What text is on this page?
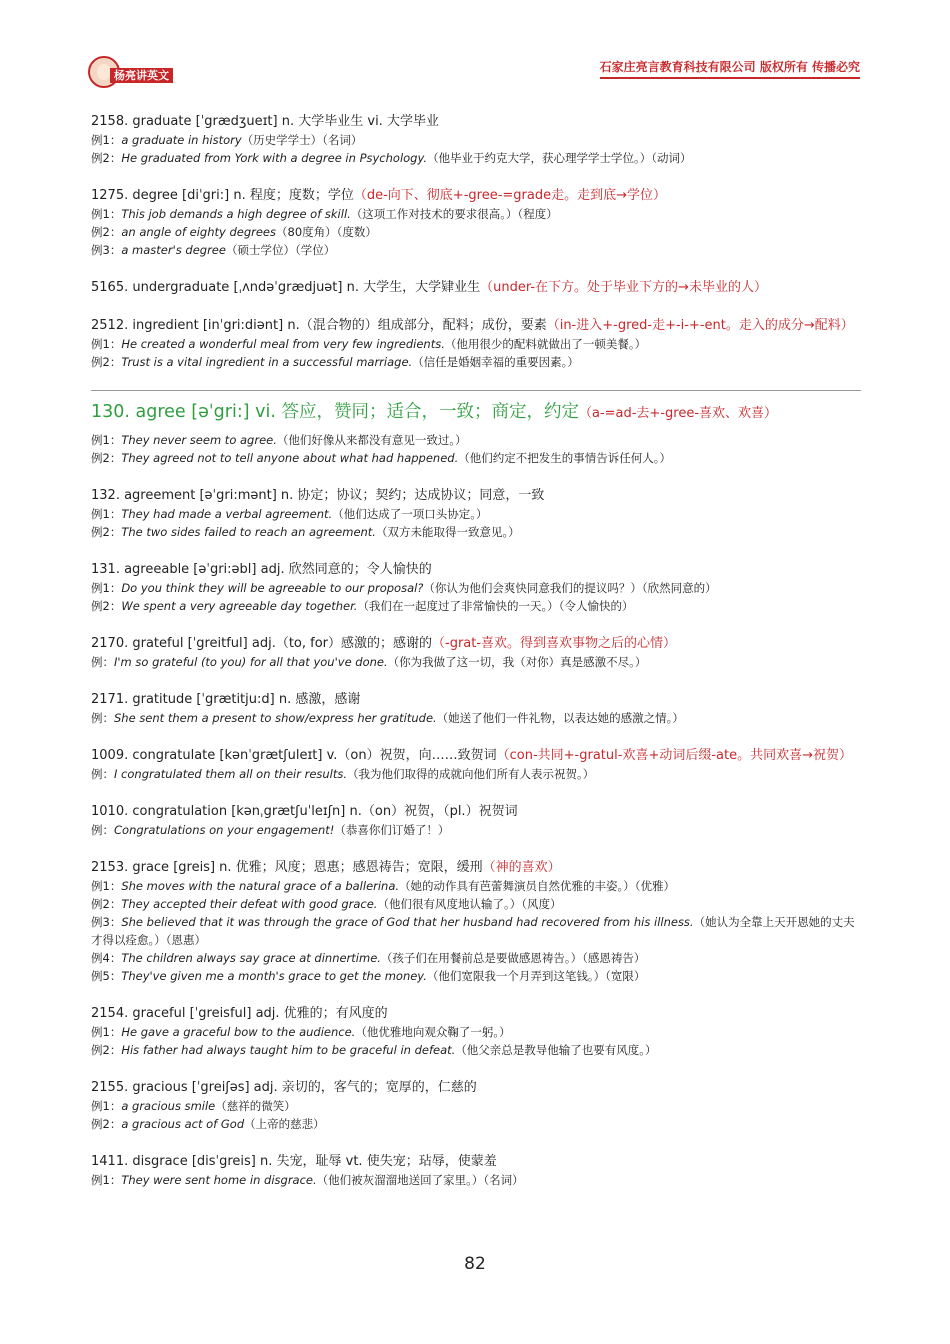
杨亮讲英文
石家庄亮言教育科技有限公司 版权所有 传播必究
2158. graduate [ˈgrædʒueɪt] n. 大学毕业生 vi. 大学毕业
例1：a graduate in history（历史学学士）（名词）
例2：He graduated from York with a degree in Psychology.（他毕业于约克大学，获心理学学士学位。）（动词）
1275. degree [diˈgri:] n. 程度；度数；学位（de-向下、彻底+-gree-=grade走。走到底→学位）
例1：This job demands a high degree of skill.（这项工作对技术的要求很高。）（程度）
例2：an angle of eighty degrees（80度角）（度数）
例3：a master's degree（硕士学位）（学位）
5165. undergraduate [ˌʌndəˈgrædjuət] n. 大学生，大学肄业生（under-在下方。处于毕业下方的→未毕业的人）
2512. ingredient [inˈgri:diənt] n.（混合物的）组成部分，配料；成份，要素（in-进入+-gred-走+-i-+-ent。走入的成分→配料）
例1：He created a wonderful meal from very few ingredients.（他用很少的配料就做出了一顿美餐。）
例2：Trust is a vital ingredient in a successful marriage.（信任是婚姻幸福的重要因素。）
130. agree [əˈgri:] vi. 答应，赞同；适合，一致；商定，约定（a-=ad-去+-gree-喜欢、欢喜）
例1：They never seem to agree.（他们好像从来都没有意见一致过。）
例2：They agreed not to tell anyone about what had happened.（他们约定不把发生的事情告诉任何人。）
132. agreement [əˈgri:mənt] n. 协定；协议；契约；达成协议；同意，一致
例1：They had made a verbal agreement.（他们达成了一项口头协定。）
例2：The two sides failed to reach an agreement.（双方未能取得一致意见。）
131. agreeable [əˈgri:əbl] adj. 欣然同意的；令人愉快的
例1：Do you think they will be agreeable to our proposal?（你认为他们会爽快同意我们的提议吗？）（欣然同意的）
例2：We spent a very agreeable day together.（我们在一起度过了非常愉快的一天。）（令人愉快的）
2170. grateful [ˈgreitful] adj.（to, for）感激的；感谢的（-grat-喜欢。得到喜欢事物之后的心情）
例：I'm so grateful (to you) for all that you've done.（你为我做了这一切，我（对你）真是感激不尽。）
2171. gratitude [ˈgrætitju:d] n. 感激，感谢
例：She sent them a present to show/express her gratitude.（她送了他们一件礼物，以表达她的感激之情。）
1009. congratulate [kənˈgrætʃuleɪt] v.（on）祝贺，向……致贺词（con-共同+-gratul-欢喜+动词后缀-ate。共同欢喜→祝贺）
例：I congratulated them all on their results.（我为他们取得的成就向他们所有人表示祝贺。）
1010. congratulation [kənˌgrætʃuˈleɪʃn] n.（on）祝贺，（pl.）祝贺词
例：Congratulations on your engagement!（恭喜你们订婚了！）
2153. grace [greis] n. 优雅；风度；恩惠；感恩祷告；宽限，缓刑（神的喜欢）
例1：She moves with the natural grace of a ballerina.（她的动作具有芭蕾舞演员自然优雅的丰姿。）（优雅）
例2：They accepted their defeat with good grace.（他们很有风度地认输了。）（风度）
例3：She believed that it was through the grace of God that her husband had recovered from his illness.（她认为全靠上天开恩她的丈夫才得以痊愈。）（恩惠）
例4：The children always say grace at dinnertime.（孩子们在用餐前总是要做感恩祷告。）（感恩祷告）
例5：They've given me a month's grace to get the money.（他们宽限我一个月弄到这笔钱。）（宽限）
2154. graceful [ˈgreisful] adj. 优雅的；有风度的
例1：He gave a graceful bow to the audience.（他优雅地向观众鞠了一躬。）
例2：His father had always taught him to be graceful in defeat.（他父亲总是教导他输了也要有风度。）
2155. gracious [ˈgreiʃəs] adj. 亲切的，客气的；宽厚的，仁慈的
例1：a gracious smile（慈祥的微笑）
例2：a gracious act of God（上帝的慈悲）
1411. disgrace [disˈgreis] n. 失宠，耻辱 vt. 使失宠；玷辱，使蒙羞
例1：They were sent home in disgrace.（他们被灰溜溜地送回了家里。）（名词）
82
